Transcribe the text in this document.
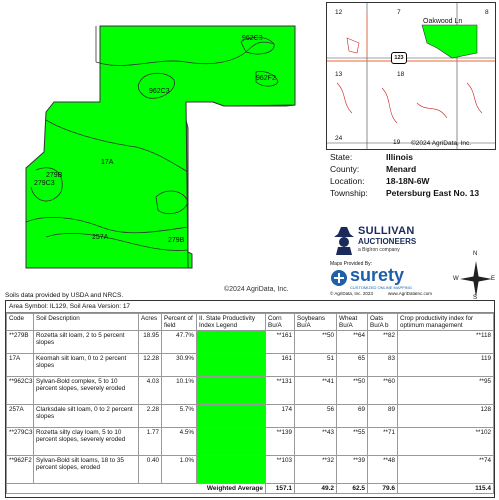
962C3
962F2
962C3
17A
279B
279C3
257A	279B
©2024 AgriData, Inc.
12	7	8
13	18
24
19
Oakwood Ln
123
©2024 AgriData, Inc.
State:	Illinois
County:	Menard
Location:	18-18N-6W
Township:	Petersburg East No. 13
SULLIVAN
AUCTIONEERS
a BigIron company
Maps Provided By:
surety
CUSTOMIZED ONLINE MAPPING
© AgriData, Inc. 2023	www.AgriDataInc.com
N
S
E
W
Soils data provided by USDA and NRCS.
Area Symbol: IL129, Soil Area Version: 17
Code	Soil Description	Acres	Percent of field	II. State Productivity Index Legend	Corn Bu/A	Soybeans Bu/A	Wheat Bu/A	Oats Bu/A b	Crop productivity index for optimum management
**279B	Rozetta silt loam, 2 to 5 percent slopes	18.95	47.7%		**161	**50	**64	**82	**118
17A	Keomah silt loam, 0 to 2 percent slopes	12.28	30.9%		161	51	65	83	119
**962C3	Sylvan-Bold complex, 5 to 10 percent slopes, severely eroded	4.03	10.1%		**131	**41	**50	**60	**95
257A	Clarksdale silt loam, 0 to 2 percent slopes	2.28	5.7%		174	56	69	89	128
**279C3	Rozetta silty clay loam, 5 to 10 percent slopes, severely eroded	1.77	4.5%		**139	**43	**55	**71	**102
**962F2	Sylvan-Bold silt loams, 18 to 35 percent slopes, eroded	0.40	1.0%		**103	**32	**39	**48	**74
Weighted Average					157.1	49.2	62.5	79.6	115.4
